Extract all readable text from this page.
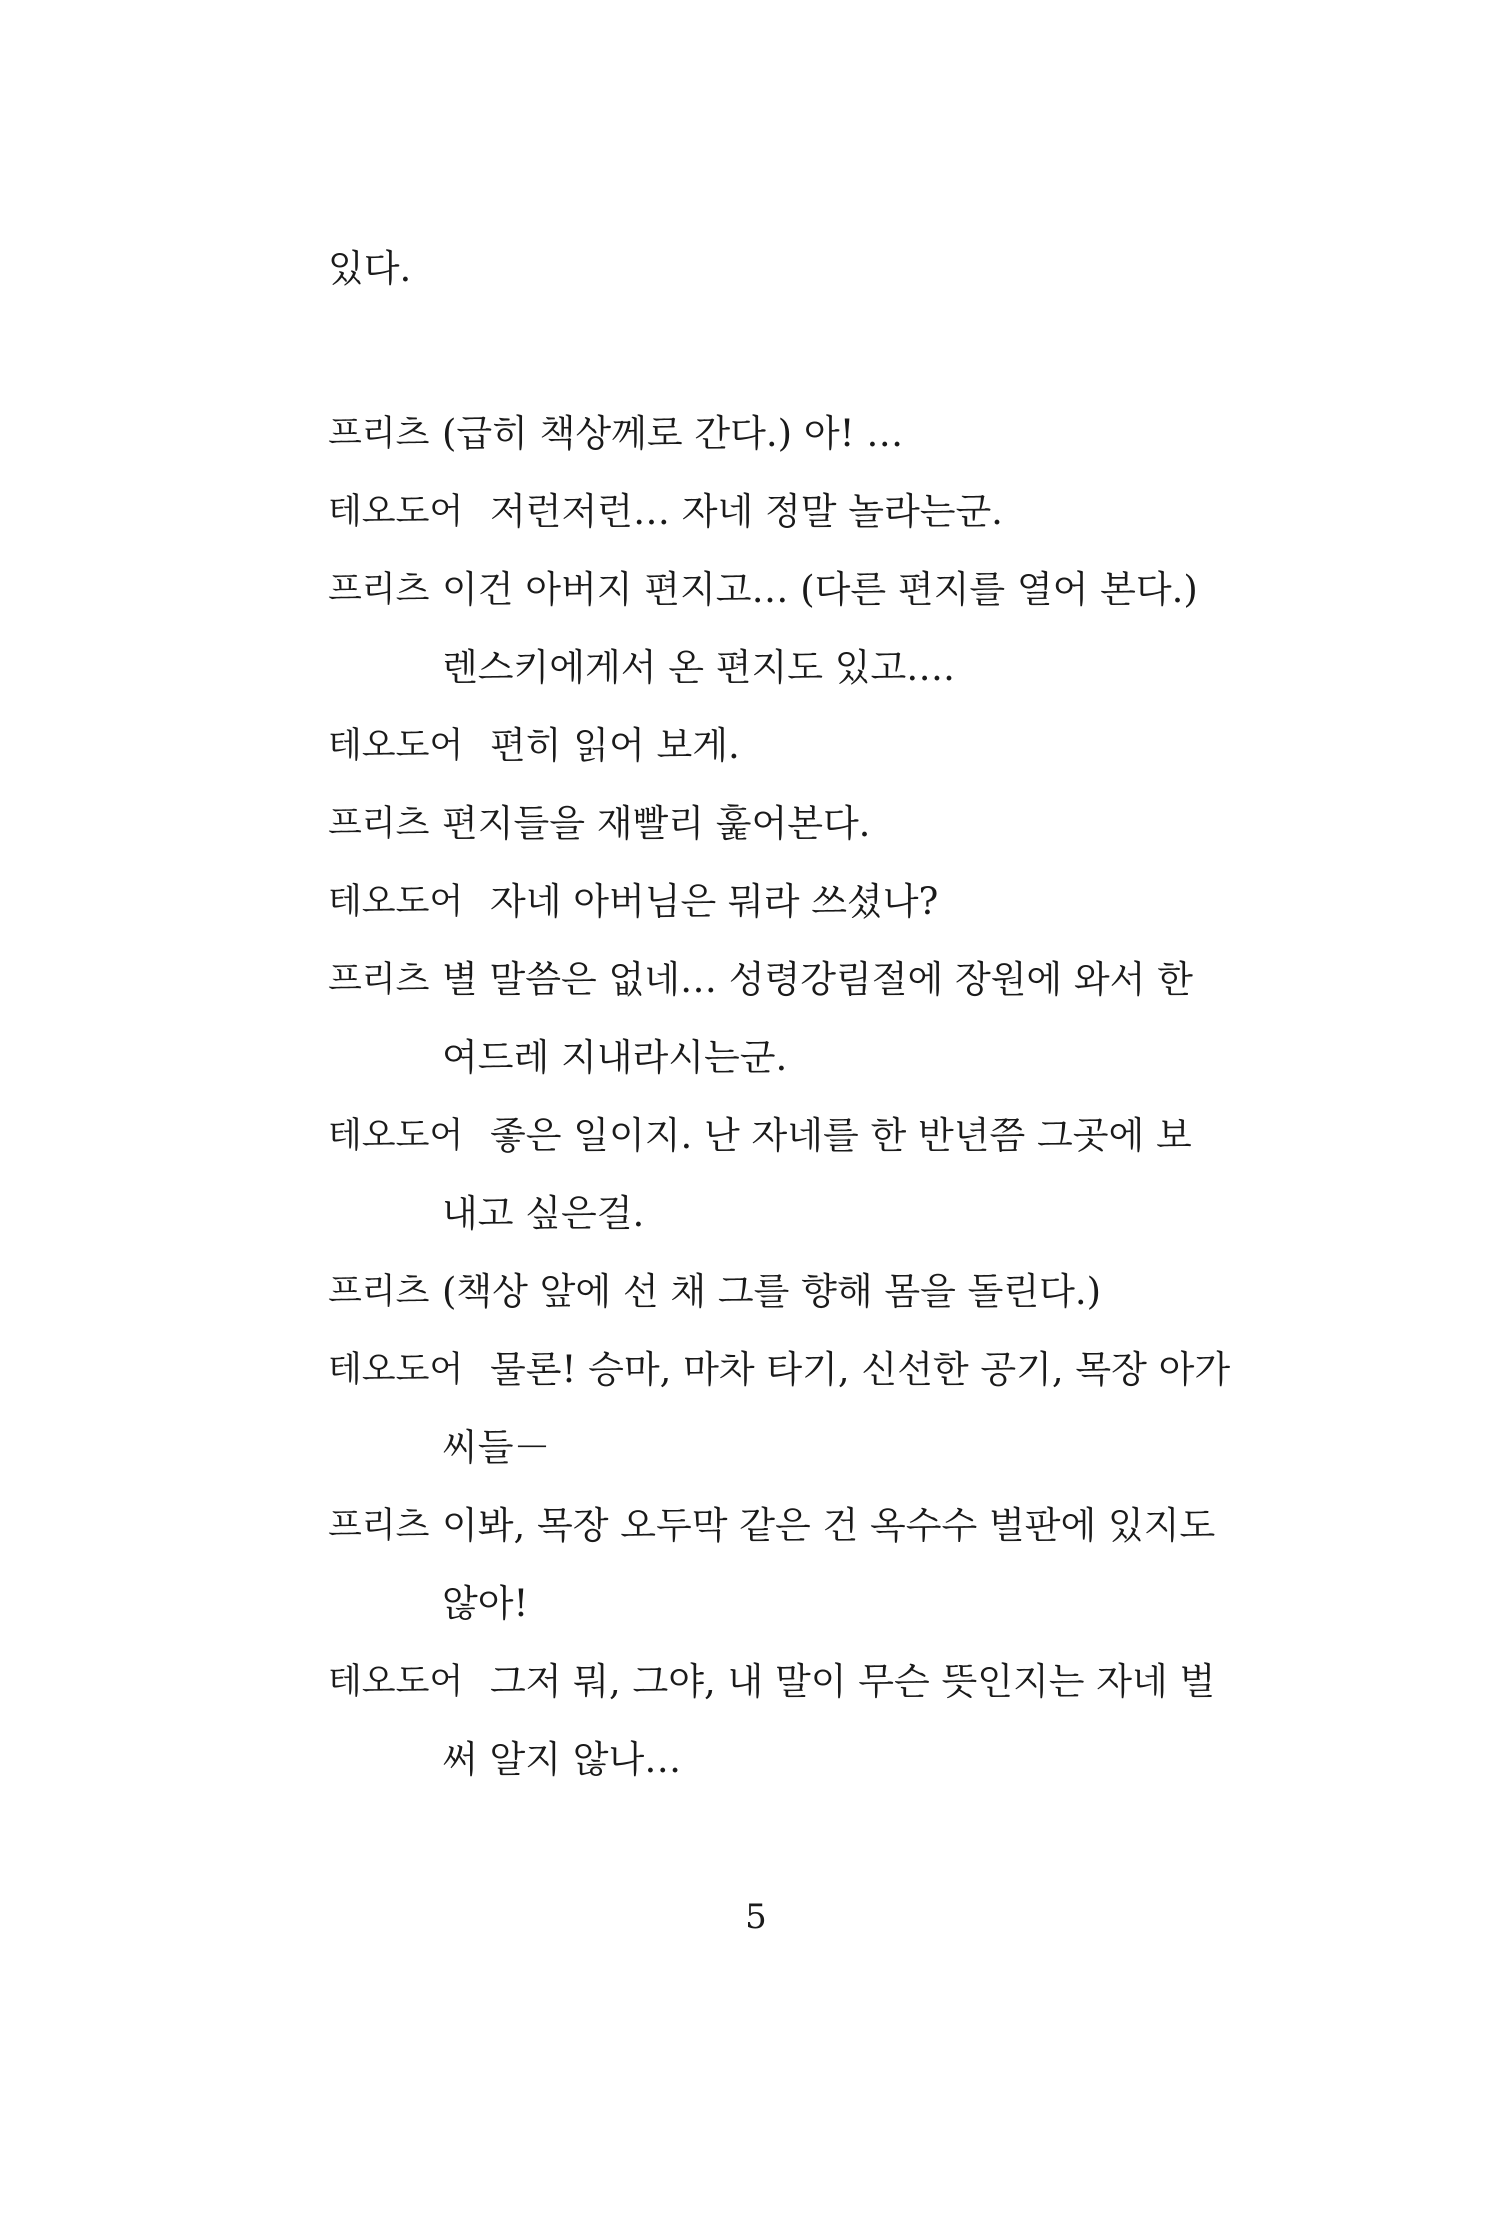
있다.
프리츠 (급히 책상께로 간다.) 아! …
테오도어 저런저런… 자네 정말 놀라는군.
프리츠 이건 아버지 편지고… (다른 편지를 열어 본다.)
렌스키에게서 온 편지도 있고….
테오도어 편히 읽어 보게.
프리츠 편지들을 재빨리 훑어본다.
테오도어 자네 아버님은 뭐라 쓰셨나?
프리츠 별 말씀은 없네… 성령강림절에 장원에 와서 한
여드레 지내라시는군.
테오도어 좋은 일이지. 난 자네를 한 반년쯤 그곳에 보
내고 싶은걸.
프리츠 (책상 앞에 선 채 그를 향해 몸을 돌린다.)
테오도어 물론! 승마, 마차 타기, 신선한 공기, 목장 아가
씨들－
프리츠 이봐, 목장 오두막 같은 건 옥수수 벌판에 있지도
않아!
테오도어 그저 뭐, 그야, 내 말이 무슨 뜻인지는 자네 벌
써 알지 않나…
5
